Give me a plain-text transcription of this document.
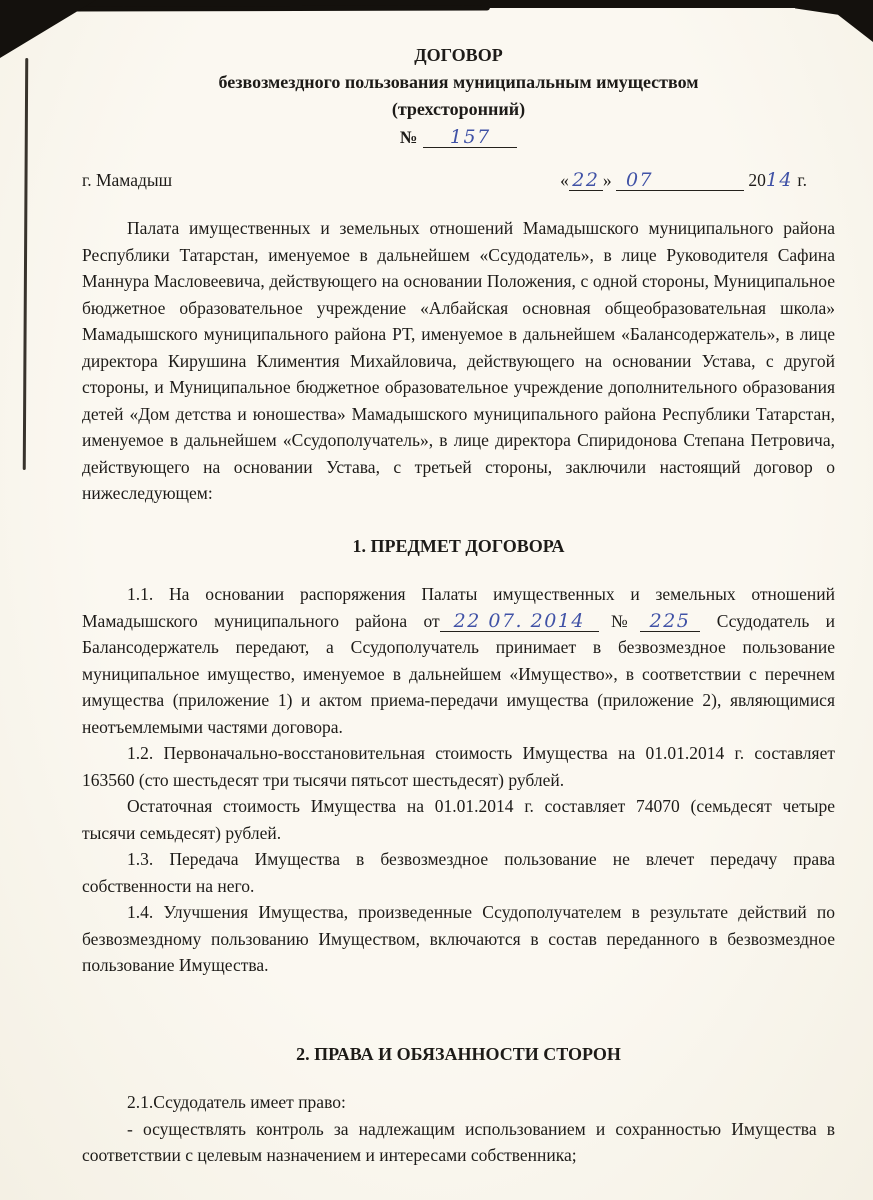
ДОГОВОР
безвозмездного пользования муниципальным имуществом
(трехсторонний)
№ 157
г. Мамадыш	« 22 » 07	2014 г.

Палата имущественных и земельных отношений Мамадышского муниципального района Республики Татарстан, именуемое в дальнейшем «Ссудодатель», в лице Руководителя Сафина Маннура Масловеевича, действующего на основании Положения, с одной стороны, Муниципальное бюджетное образовательное учреждение «Албайская основная общеобразовательная школа» Мамадышского муниципального района РТ, именуемое в дальнейшем «Балансодержатель», в лице директора Кирушина Климентия Михайловича, действующего на основании Устава, с другой стороны, и Муниципальное бюджетное образовательное учреждение дополнительного образования детей «Дом детства и юношества» Мамадышского муниципального района Республики Татарстан, именуемое в дальнейшем «Ссудополучатель», в лице директора Спиридонова Степана Петровича, действующего на основании Устава, с третьей стороны, заключили настоящий договор о нижеследующем:

1. ПРЕДМЕТ ДОГОВОРА

1.1. На основании распоряжения Палаты имущественных и земельных отношений Мамадышского муниципального района от 22 07. 2014 № 225 Ссудодатель и Балансодержатель передают, а Ссудополучатель принимает в безвозмездное пользование муниципальное имущество, именуемое в дальнейшем «Имущество», в соответствии с перечнем имущества (приложение 1) и актом приема-передачи имущества (приложение 2), являющимися неотъемлемыми частями договора.

1.2. Первоначально-восстановительная стоимость Имущества на 01.01.2014 г. составляет 163560 (сто шестьдесят три тысячи пятьсот шестьдесят) рублей.

Остаточная стоимость Имущества на 01.01.2014 г. составляет 74070 (семьдесят четыре тысячи семьдесят) рублей.

1.3. Передача Имущества в безвозмездное пользование не влечет передачу права собственности на него.

1.4. Улучшения Имущества, произведенные Ссудополучателем в результате действий по безвозмездному пользованию Имуществом, включаются в состав переданного в безвозмездное пользование Имущества.

2. ПРАВА И ОБЯЗАННОСТИ СТОРОН

2.1.Ссудодатель имеет право:

- осуществлять контроль за надлежащим использованием и сохранностью Имущества в соответствии с целевым назначением и интересами собственника;
